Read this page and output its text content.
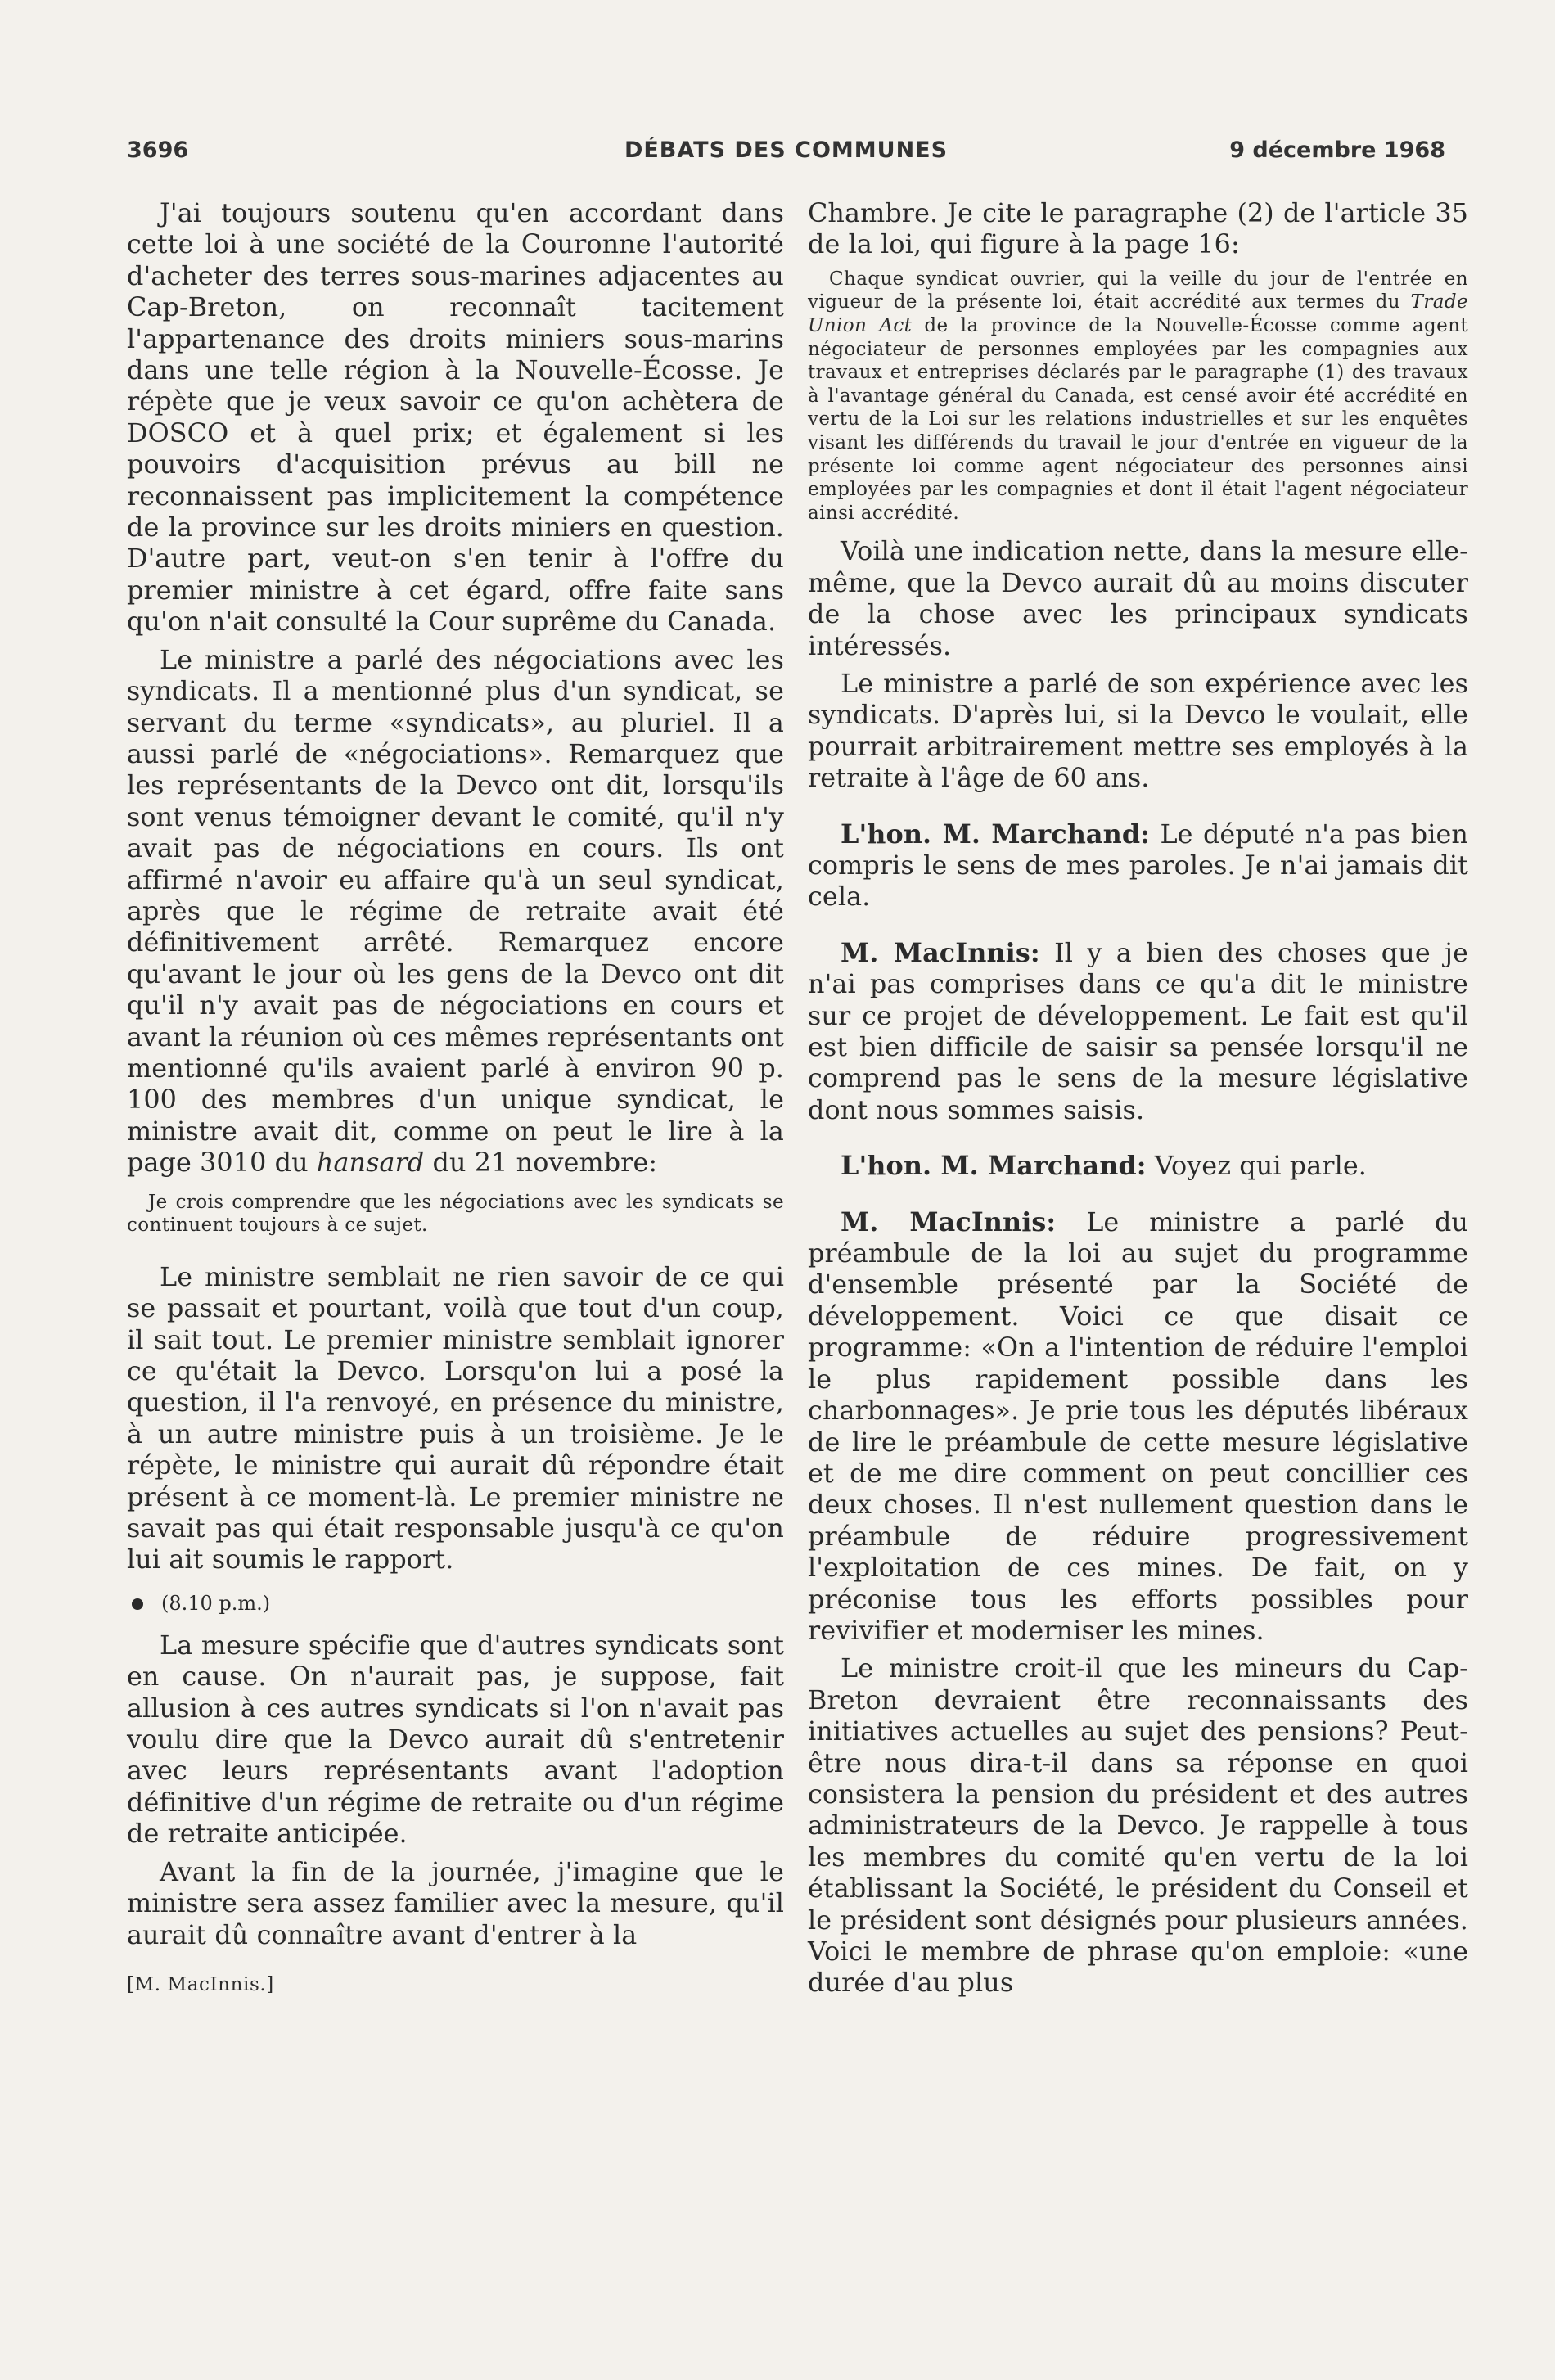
DÉBATS DES COMMUNES
3696	9 décembre 1968

J'ai toujours soutenu qu'en accordant dans cette loi à une société de la Couronne l'autorité d'acheter des terres sous-marines adjacentes au Cap-Breton, on reconnaît tacitement l'appartenance des droits miniers sous-marins dans une telle région à la Nouvelle-Écosse. Je répète que je veux savoir ce qu'on achètera de DOSCO et à quel prix; et également si les pouvoirs d'acquisition prévus au bill ne reconnaissent pas implicitement la compétence de la province sur les droits miniers en question. D'autre part, veut-on s'en tenir à l'offre du premier ministre à cet égard, offre faite sans qu'on n'ait consulté la Cour suprême du Canada.

Le ministre a parlé des négociations avec les syndicats. Il a mentionné plus d'un syndicat, se servant du terme «syndicats», au pluriel. Il a aussi parlé de «négociations». Remarquez que les représentants de la Devco ont dit, lorsqu'ils sont venus témoigner devant le comité, qu'il n'y avait pas de négociations en cours. Ils ont affirmé n'avoir eu affaire qu'à un seul syndicat, après que le régime de retraite avait été définitivement arrêté. Remarquez encore qu'avant le jour où les gens de la Devco ont dit qu'il n'y avait pas de négociations en cours et avant la réunion où ces mêmes représentants ont mentionné qu'ils avaient parlé à environ 90 p. 100 des membres d'un unique syndicat, le ministre avait dit, comme on peut le lire à la page 3010 du hansard du 21 novembre:

Je crois comprendre que les négociations avec les syndicats se continuent toujours à ce sujet.

Le ministre semblait ne rien savoir de ce qui se passait et pourtant, voilà que tout d'un coup, il sait tout. Le premier ministre semblait ignorer ce qu'était la Devco. Lorsqu'on lui a posé la question, il l'a renvoyé, en présence du ministre, à un autre ministre puis à un troisième. Je le répète, le ministre qui aurait dû répondre était présent à ce moment-là. Le premier ministre ne savait pas qui était responsable jusqu'à ce qu'on lui ait soumis le rapport.

(8.10 p.m.)

La mesure spécifie que d'autres syndicats sont en cause. On n'aurait pas, je suppose, fait allusion à ces autres syndicats si l'on n'avait pas voulu dire que la Devco aurait dû s'entretenir avec leurs représentants avant l'adoption définitive d'un régime de retraite ou d'un régime de retraite anticipée.

Avant la fin de la journée, j'imagine que le ministre sera assez familier avec la mesure, qu'il aurait dû connaître avant d'entrer à la

[M. MacInnis.]

Chambre. Je cite le paragraphe (2) de l'article 35 de la loi, qui figure à la page 16:

Chaque syndicat ouvrier, qui la veille du jour de l'entrée en vigueur de la présente loi, était accrédité aux termes du Trade Union Act de la province de la Nouvelle-Écosse comme agent négociateur de personnes employées par les compagnies aux travaux et entreprises déclarés par le paragraphe (1) des travaux à l'avantage général du Canada, est censé avoir été accrédité en vertu de la Loi sur les relations industrielles et sur les enquêtes visant les différends du travail le jour d'entrée en vigueur de la présente loi comme agent négociateur des personnes ainsi employées par les compagnies et dont il était l'agent négociateur ainsi accrédité.

Voilà une indication nette, dans la mesure elle-même, que la Devco aurait dû au moins discuter de la chose avec les principaux syndicats intéressés.

Le ministre a parlé de son expérience avec les syndicats. D'après lui, si la Devco le voulait, elle pourrait arbitrairement mettre ses employés à la retraite à l'âge de 60 ans.

L'hon. M. Marchand: Le député n'a pas bien compris le sens de mes paroles. Je n'ai jamais dit cela.

M. MacInnis: Il y a bien des choses que je n'ai pas comprises dans ce qu'a dit le ministre sur ce projet de développement. Le fait est qu'il est bien difficile de saisir sa pensée lorsqu'il ne comprend pas le sens de la mesure législative dont nous sommes saisis.

L'hon. M. Marchand: Voyez qui parle.

M. MacInnis: Le ministre a parlé du préambule de la loi au sujet du programme d'ensemble présenté par la Société de développement. Voici ce que disait ce programme: «On a l'intention de réduire l'emploi le plus rapidement possible dans les charbonnages». Je prie tous les députés libéraux de lire le préambule de cette mesure législative et de me dire comment on peut concillier ces deux choses. Il n'est nullement question dans le préambule de réduire progressivement l'exploitation de ces mines. De fait, on y préconise tous les efforts possibles pour revivifier et moderniser les mines.

Le ministre croit-il que les mineurs du Cap-Breton devraient être reconnaissants des initiatives actuelles au sujet des pensions? Peut-être nous dira-t-il dans sa réponse en quoi consistera la pension du président et des autres administrateurs de la Devco. Je rappelle à tous les membres du comité qu'en vertu de la loi établissant la Société, le président du Conseil et le président sont désignés pour plusieurs années. Voici le membre de phrase qu'on emploie: «une durée d'au plus
